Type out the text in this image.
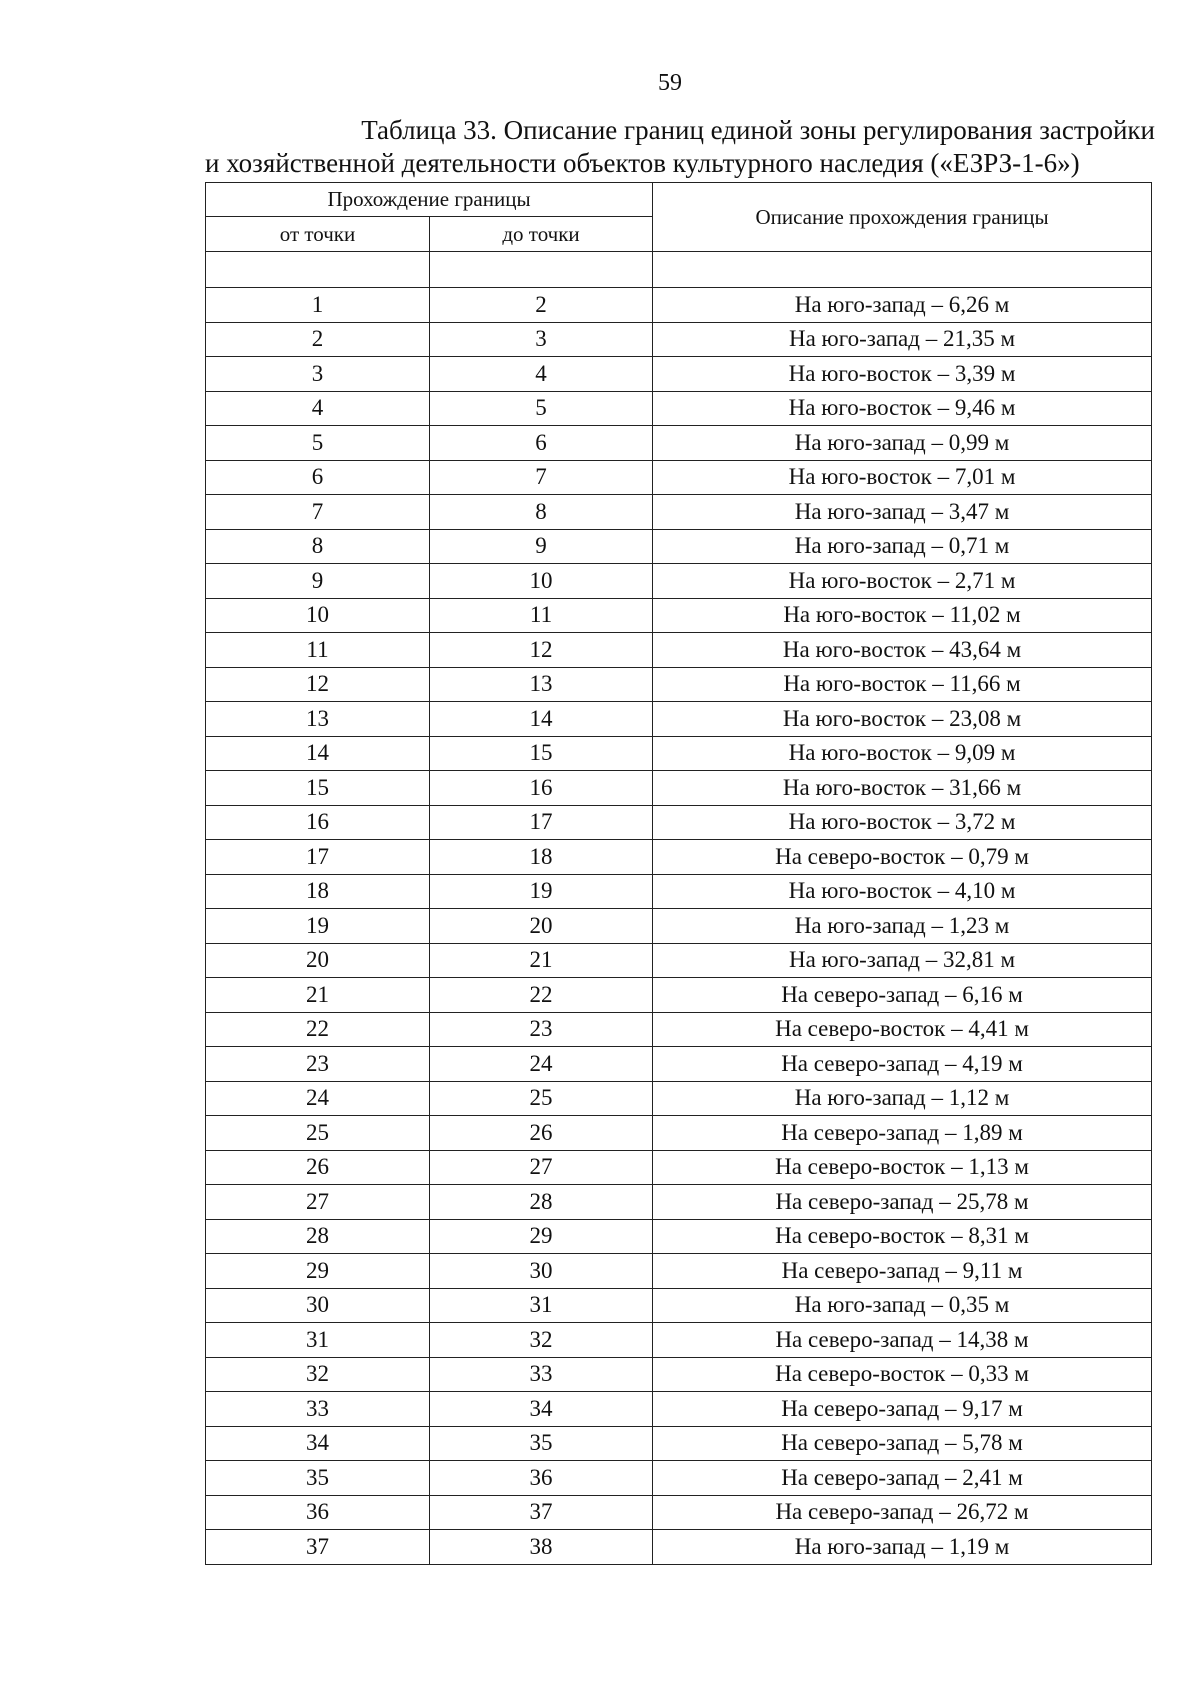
59
Таблица 33. Описание границ единой зоны регулирования застройки
и хозяйственной деятельности объектов культурного наследия («ЕЗРЗ-1-6»)
Прохождение границы		Описание прохождения границы
от точки	до точки	

1	2	На юго-запад – 6,26 м
2	3	На юго-запад – 21,35 м
3	4	На юго-восток – 3,39 м
4	5	На юго-восток – 9,46 м
5	6	На юго-запад – 0,99 м
6	7	На юго-восток – 7,01 м
7	8	На юго-запад – 3,47 м
8	9	На юго-запад – 0,71 м
9	10	На юго-восток – 2,71 м
10	11	На юго-восток – 11,02 м
11	12	На юго-восток – 43,64 м
12	13	На юго-восток – 11,66 м
13	14	На юго-восток – 23,08 м
14	15	На юго-восток – 9,09 м
15	16	На юго-восток – 31,66 м
16	17	На юго-восток – 3,72 м
17	18	На северо-восток – 0,79 м
18	19	На юго-восток – 4,10 м
19	20	На юго-запад – 1,23 м
20	21	На юго-запад – 32,81 м
21	22	На северо-запад – 6,16 м
22	23	На северо-восток – 4,41 м
23	24	На северо-запад – 4,19 м
24	25	На юго-запад – 1,12 м
25	26	На северо-запад – 1,89 м
26	27	На северо-восток – 1,13 м
27	28	На северо-запад – 25,78 м
28	29	На северо-восток – 8,31 м
29	30	На северо-запад – 9,11 м
30	31	На юго-запад – 0,35 м
31	32	На северо-запад – 14,38 м
32	33	На северо-восток – 0,33 м
33	34	На северо-запад – 9,17 м
34	35	На северо-запад – 5,78 м
35	36	На северо-запад – 2,41 м
36	37	На северо-запад – 26,72 м
37	38	На юго-запад – 1,19 м
